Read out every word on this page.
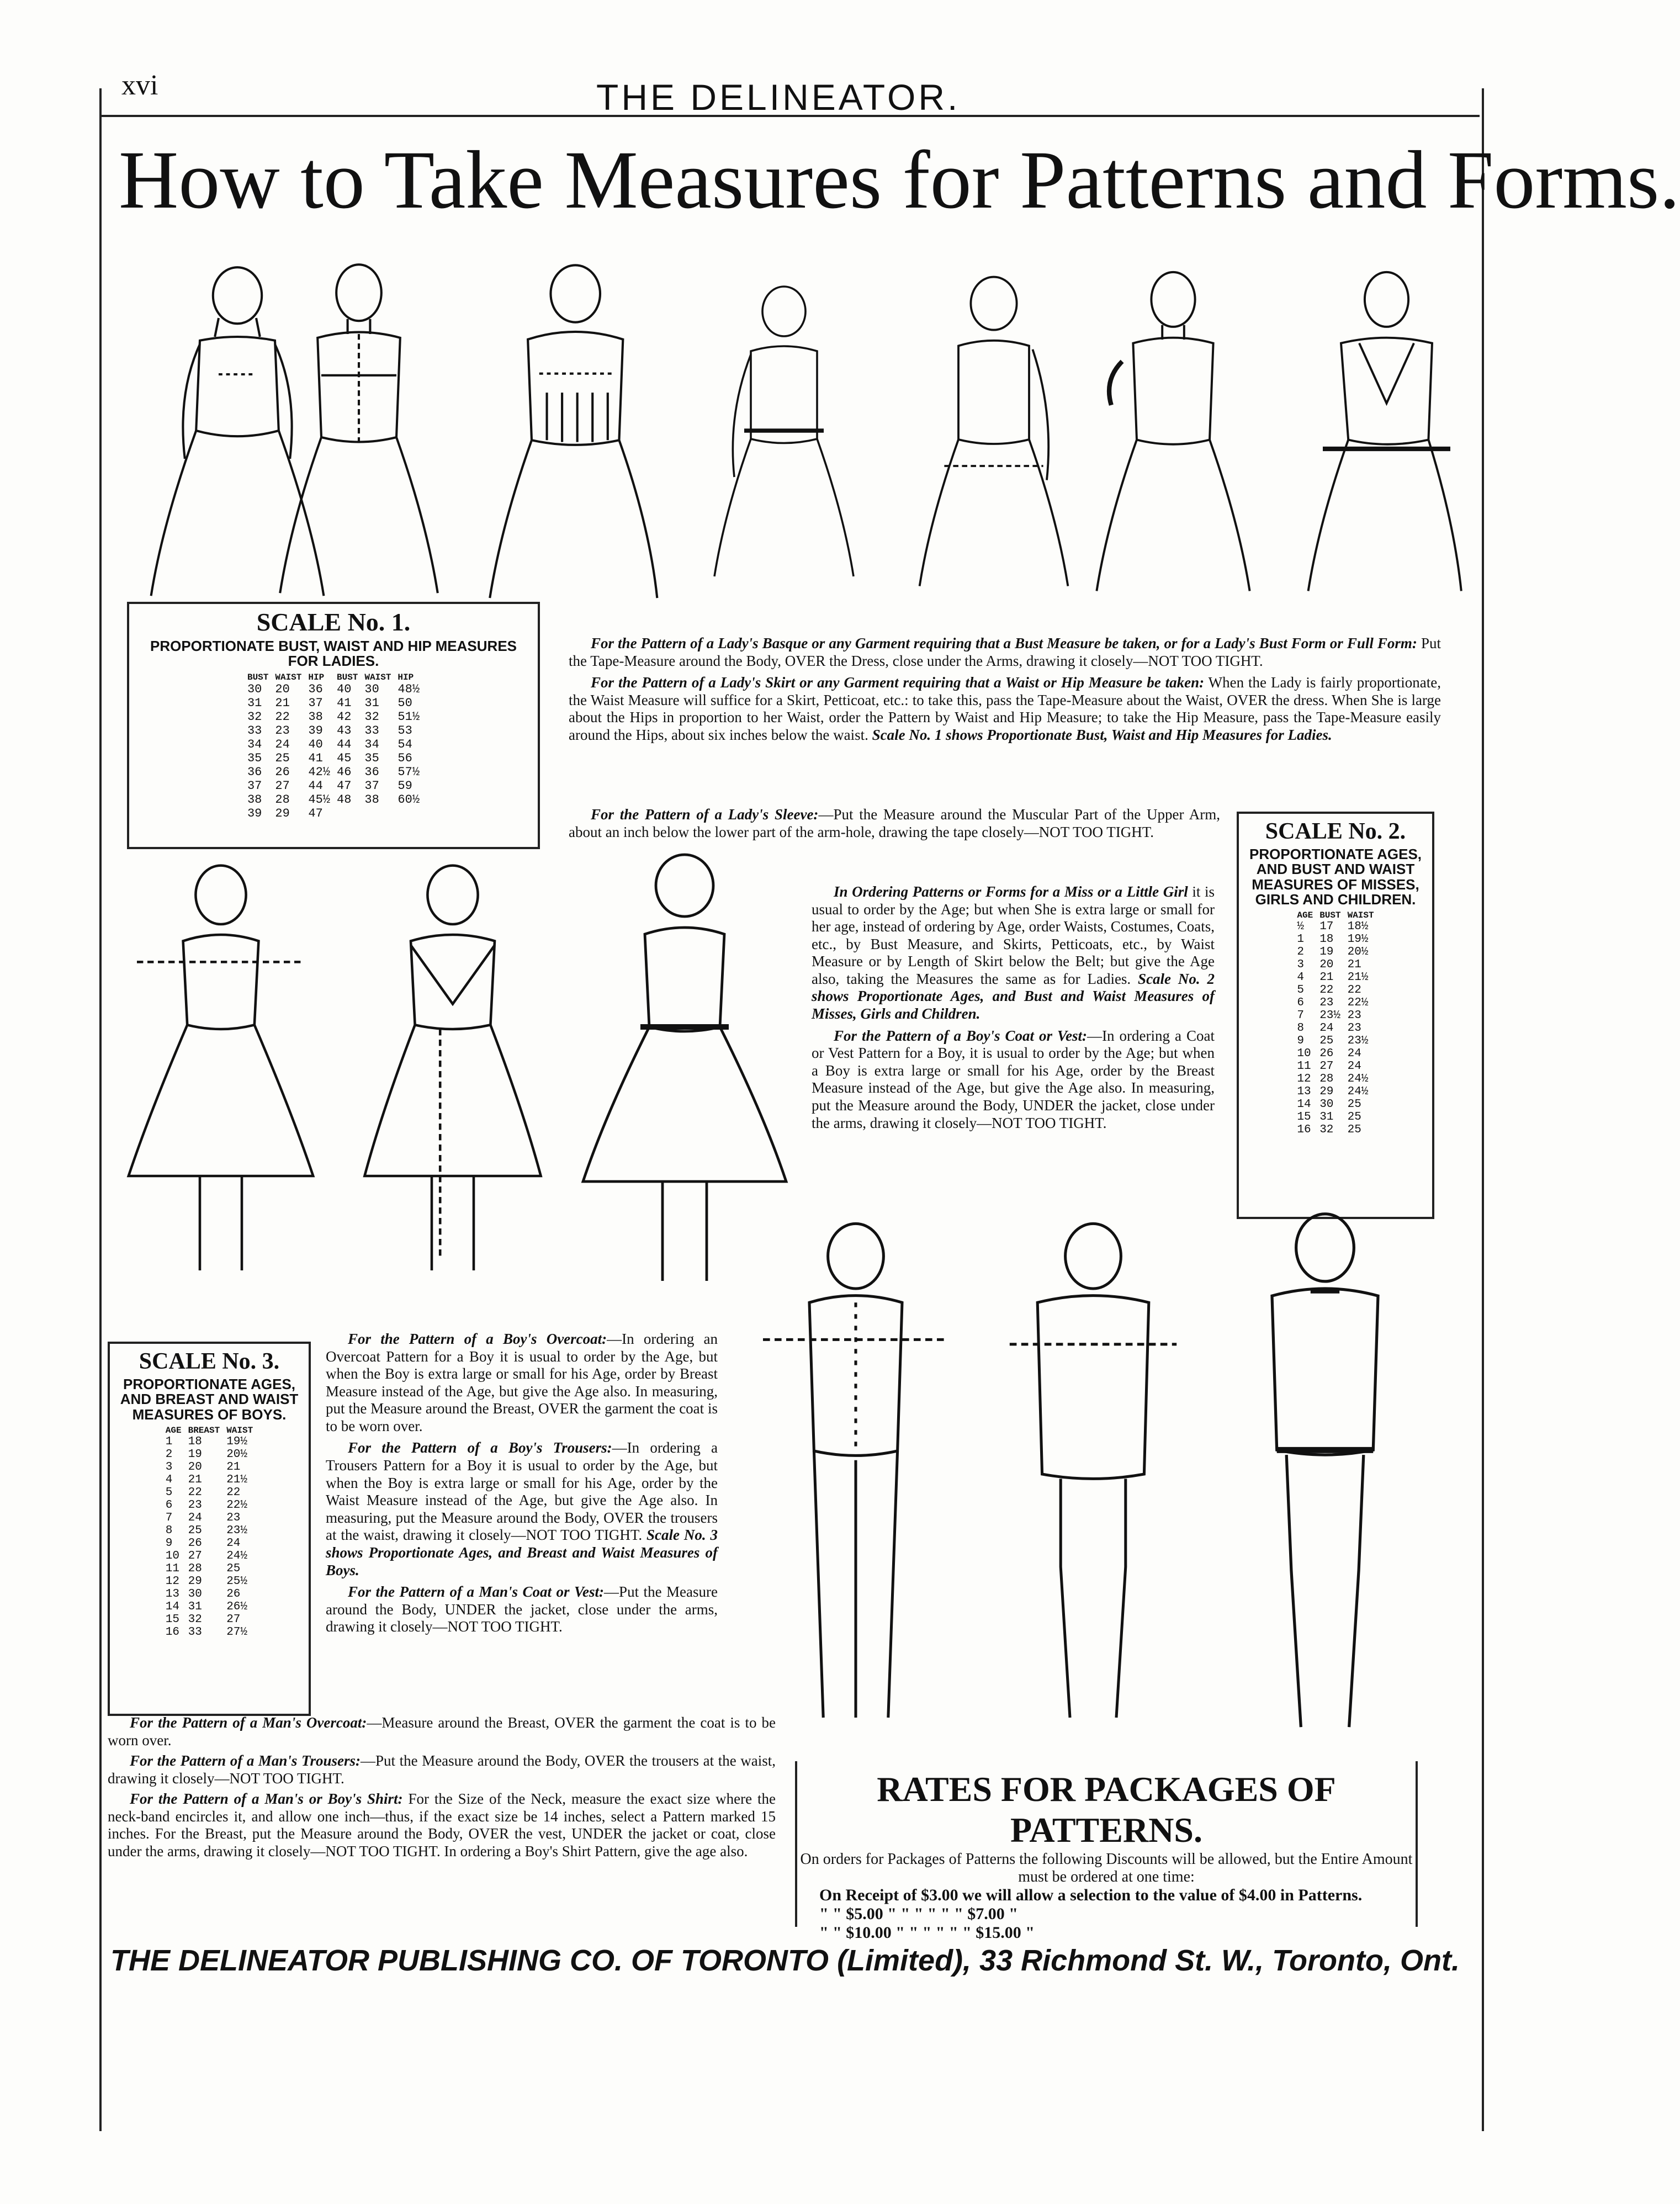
xvi	THE DELINEATOR.
How to Take Measures for Patterns and Forms.
SCALE No. 1.
PROPORTIONATE BUST, WAIST AND HIP MEASURES FOR LADIES.
BUST	WAIST	HIP	BUST	WAIST	HIP
30	20	36	40	30	48½
31	21	37	41	31	50
32	22	38	42	32	51½
33	23	39	43	33	53
34	24	40	44	34	54
35	25	41	45	35	56
36	26	42½	46	36	57½
37	27	44	47	37	59
38	28	45½	48	38	60½
39	29	47			

For the Pattern of a Lady's Basque or any Garment requiring that a Bust Measure be taken, or for a Lady's Bust Form or Full Form: Put the Tape-Measure around the Body, OVER the Dress, close under the Arms, drawing it closely—NOT TOO TIGHT.

For the Pattern of a Lady's Skirt or any Garment requiring that a Waist or Hip Measure be taken: When the Lady is fairly proportionate, the Waist Measure will suffice for a Skirt, Petticoat, etc.: to take this, pass the Tape-Measure about the Waist, OVER the dress. When She is large about the Hips in proportion to her Waist, order the Pattern by Waist and Hip Measure; to take the Hip Measure, pass the Tape-Measure easily around the Hips, about six inches below the waist. Scale No. 1 shows Proportionate Bust, Waist and Hip Measures for Ladies.

For the Pattern of a Lady's Sleeve:—Put the Measure around the Muscular Part of the Upper Arm, about an inch below the lower part of the arm-hole, drawing the tape closely—NOT TOO TIGHT.

In Ordering Patterns or Forms for a Miss or a Little Girl it is usual to order by the Age; but when She is extra large or small for her age, instead of ordering by Age, order Waists, Costumes, Coats, etc., by Bust Measure, and Skirts, Petticoats, etc., by Waist Measure or by Length of Skirt below the Belt; but give the Age also, taking the Measures the same as for Ladies. Scale No. 2 shows Proportionate Ages, and Bust and Waist Measures of Misses, Girls and Children.

For the Pattern of a Boy's Coat or Vest:—In ordering a Coat or Vest Pattern for a Boy, it is usual to order by the Age; but when a Boy is extra large or small for his Age, order by the Breast Measure instead of the Age, but give the Age also. In measuring, put the Measure around the Body, UNDER the jacket, close under the arms, drawing it closely—NOT TOO TIGHT.

SCALE No. 2.
PROPORTIONATE AGES, AND BUST AND WAIST MEASURES OF MISSES, GIRLS AND CHILDREN.
AGE	BUST	WAIST
½	17	18½
1	18	19½
2	19	20½
3	20	21
4	21	21½
5	22	22
6	23	22½
7	23½	23
8	24	23
9	25	23½
10	26	24
11	27	24
12	28	24½
13	29	24½
14	30	25
15	31	25
16	32	25
SCALE No. 3.
PROPORTIONATE AGES, AND BREAST AND WAIST MEASURES OF BOYS.
AGE	BREAST	WAIST
1	18	19½
2	19	20½
3	20	21
4	21	21½
5	22	22
6	23	22½
7	24	23
8	25	23½
9	26	24
10	27	24½
11	28	25
12	29	25½
13	30	26
14	31	26½
15	32	27
16	33	27½

For the Pattern of a Boy's Overcoat:—In ordering an Overcoat Pattern for a Boy it is usual to order by the Age, but when the Boy is extra large or small for his Age, order by Breast Measure instead of the Age, but give the Age also. In measuring, put the Measure around the Breast, OVER the garment the coat is to be worn over.

For the Pattern of a Boy's Trousers:—In ordering a Trousers Pattern for a Boy it is usual to order by the Age, but when the Boy is extra large or small for his Age, order by the Waist Measure instead of the Age, but give the Age also. In measuring, put the Measure around the Body, OVER the trousers at the waist, drawing it closely—NOT TOO TIGHT. Scale No. 3 shows Proportionate Ages, and Breast and Waist Measures of Boys.

For the Pattern of a Man's Coat or Vest:—Put the Measure around the Body, UNDER the jacket, close under the arms, drawing it closely—NOT TOO TIGHT.

For the Pattern of a Man's Overcoat:—Measure around the Breast, OVER the garment the coat is to be worn over.

For the Pattern of a Man's Trousers:—Put the Measure around the Body, OVER the trousers at the waist, drawing it closely—NOT TOO TIGHT.

For the Pattern of a Man's or Boy's Shirt: For the Size of the Neck, measure the exact size where the neck-band encircles it, and allow one inch—thus, if the exact size be 14 inches, select a Pattern marked 15 inches. For the Breast, put the Measure around the Body, OVER the vest, UNDER the jacket or coat, close under the arms, drawing it closely—NOT TOO TIGHT. In ordering a Boy's Shirt Pattern, give the age also.

RATES FOR PACKAGES OF PATTERNS.
On orders for Packages of Patterns the following Discounts will be allowed, but the Entire Amount must be ordered at one time:
On Receipt of $3.00 we will allow a selection to the value of $4.00 in Patterns.
" " $5.00 " " " " " " $7.00 "
" " $10.00 " " " " " " $15.00 "
THE DELINEATOR PUBLISHING CO. OF TORONTO (Limited), 33 Richmond St. W., Toronto, Ont.
